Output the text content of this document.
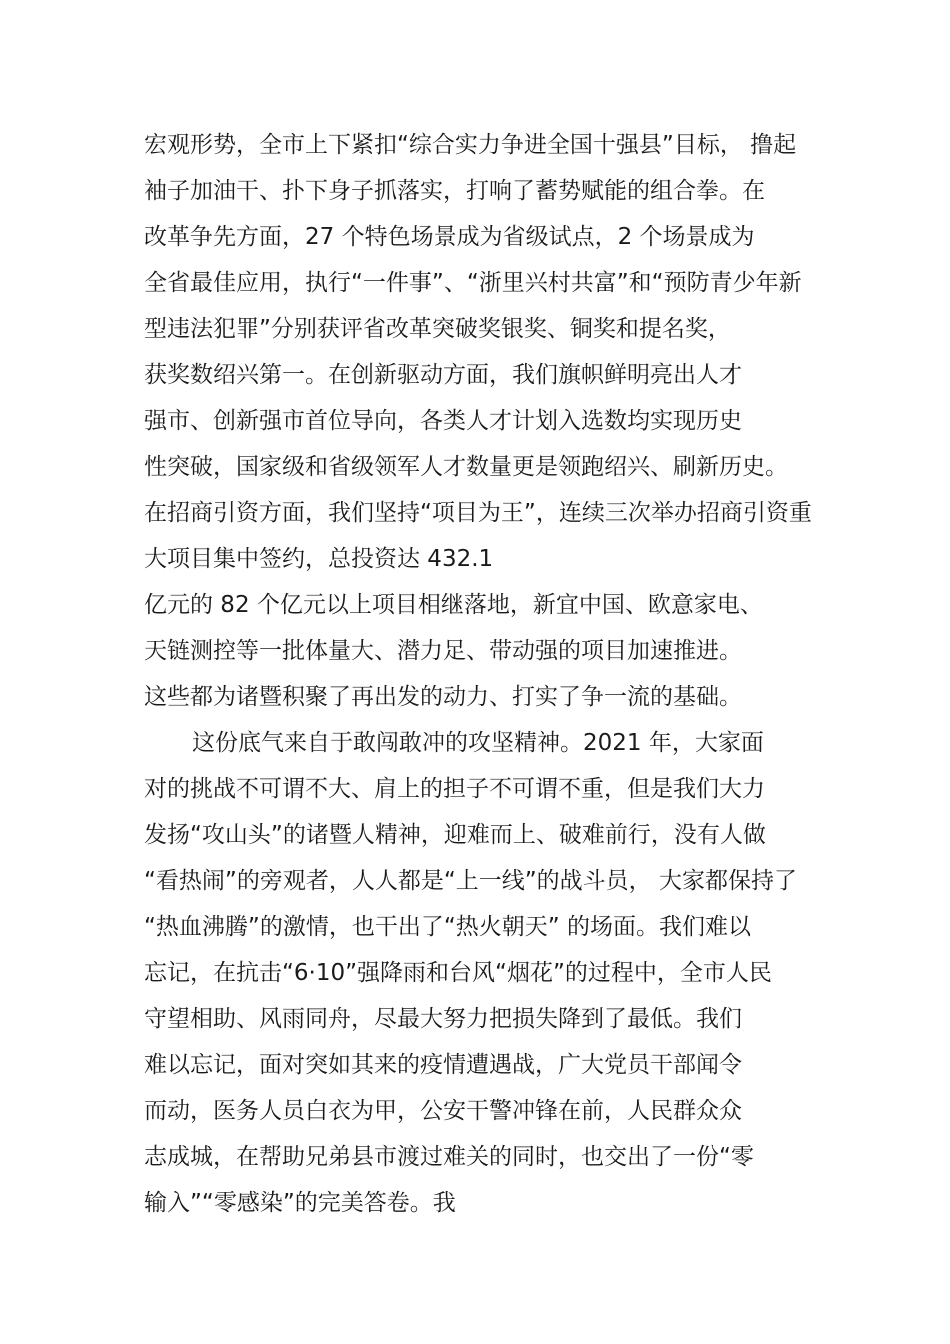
宏观形势，全市上下紧扣“综合实力争进全国十强县”目标， 撸起
袖子加油干、扑下身子抓落实，打响了蓄势赋能的组合拳。在
改革争先方面，27 个特色场景成为省级试点，2 个场景成为
全省最佳应用，执行“一件事”、“浙里兴村共富”和“预防青少年新
型违法犯罪”分别获评省改革突破奖银奖、铜奖和提名奖，
获奖数绍兴第一。在创新驱动方面，我们旗帜鲜明亮出人才
强市、创新强市首位导向，各类人才计划入选数均实现历史
性突破，国家级和省级领军人才数量更是领跑绍兴、刷新历史。
在招商引资方面，我们坚持“项目为王”，连续三次举办招商引资重
大项目集中签约，总投资达 432.1
亿元的 82 个亿元以上项目相继落地，新宜中国、欧意家电、
天链测控等一批体量大、潜力足、带动强的项目加速推进。
这些都为诸暨积聚了再出发的动力、打实了争一流的基础。
这份底气来自于敢闯敢冲的攻坚精神。2021 年，大家面
对的挑战不可谓不大、肩上的担子不可谓不重，但是我们大力
发扬“攻山头”的诸暨人精神，迎难而上、破难前行，没有人做
“看热闹”的旁观者，人人都是“上一线”的战斗员， 大家都保持了
“热血沸腾”的激情，也干出了“热火朝天” 的场面。我们难以
忘记，在抗击“6·10”强降雨和台风“烟花”的过程中，全市人民
守望相助、风雨同舟，尽最大努力把损失降到了最低。我们
难以忘记，面对突如其来的疫情遭遇战，广大党员干部闻令
而动，医务人员白衣为甲，公安干警冲锋在前，人民群众众
志成城，在帮助兄弟县市渡过难关的同时，也交出了一份“零
输入”“零感染”的完美答卷。我
